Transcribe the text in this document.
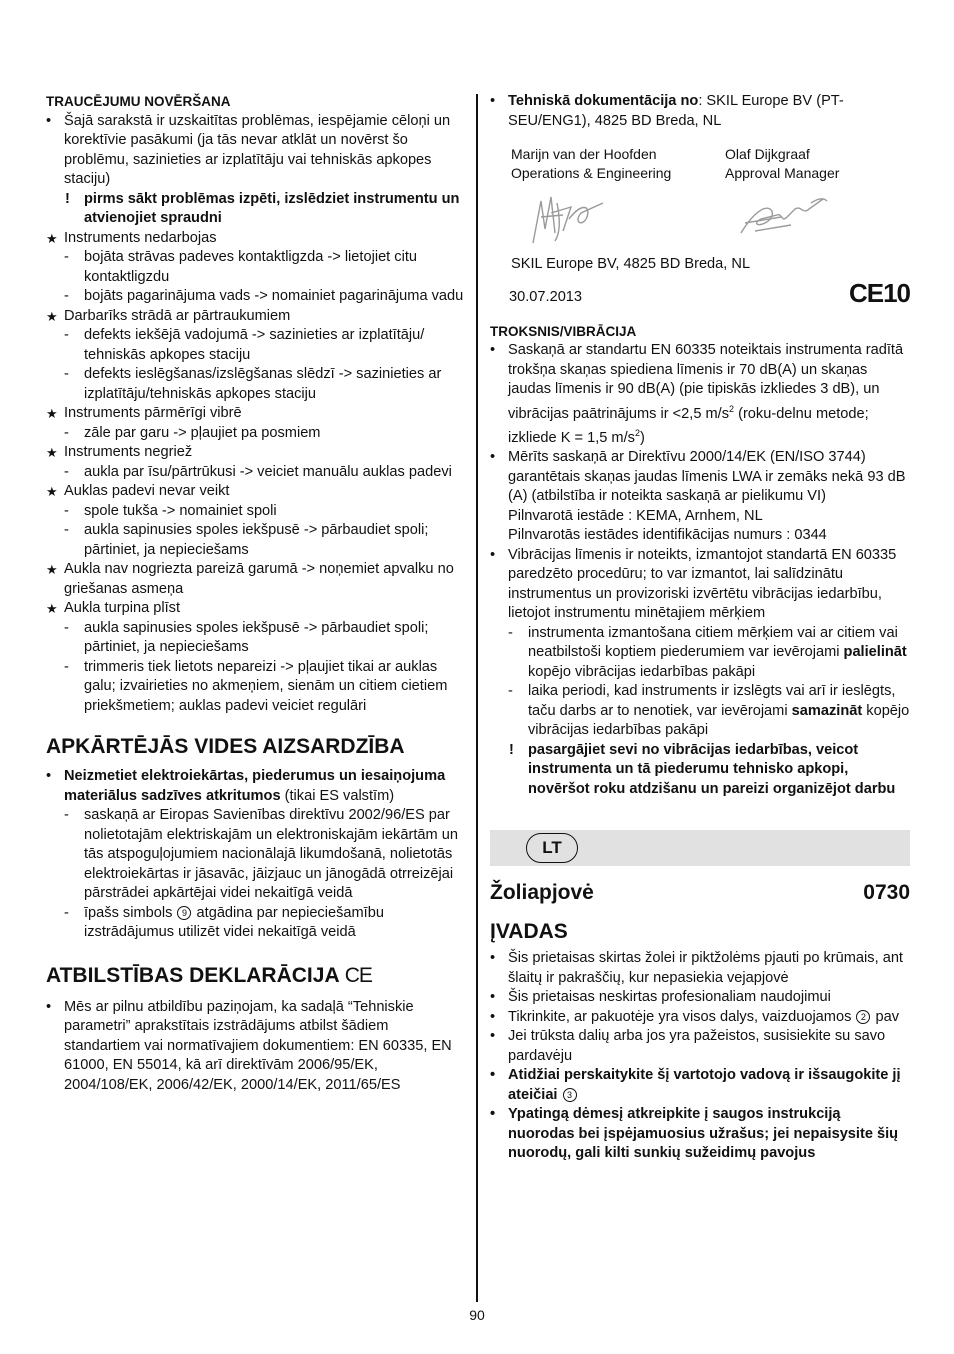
TRAUCĒJUMU NOVĒRŠANA

• Šajā sarakstā ir uzskaitītas problēmas, iespējamie cēloņi un korektīvie pasākumi (ja tās nevar atklāt un novērst šo problēmu, sazinieties ar izplatītāju vai tehniskās apkopes staciju)
! pirms sākt problēmas izpēti, izslēdziet instrumentu un atvienojiet spraudni
★ Instruments nedarbojas
- bojāta strāvas padeves kontaktligzda -> lietojiet citu kontaktligzdu
- bojāts pagarinājuma vads -> nomainiet pagarinājuma vadu
★ Darbarīks strādā ar pārtraukumiem
- defekts iekšējā vadojumā -> sazinieties ar izplatītāju/ tehniskās apkopes staciju
- defekts ieslēgšanas/izslēgšanas slēdzī -> sazinieties ar izplatītāju/tehniskās apkopes staciju
★ Instruments pārmērīgi vibrē
- zāle par garu -> pļaujiet pa posmiem
★ Instruments negriež
- aukla par īsu/pārtrūkusi -> veiciet manuālu auklas padevi
★ Auklas padevi nevar veikt
- spole tukša -> nomainiet spoli
- aukla sapinusies spoles iekšpusē -> pārbaudiet spoli; pārtiniet, ja nepieciešams
★ Aukla nav nogriezta pareizā garumā -> noņemiet apvalku no griešanas asmeņa
★ Aukla turpina plīst
- aukla sapinusies spoles iekšpusē -> pārbaudiet spoli; pārtiniet, ja nepieciešams
- trimmeris tiek lietots nepareizi -> pļaujiet tikai ar auklas galu; izvairieties no akmeņiem, sienām un citiem cietiem priekšmetiem; auklas padevi veiciet regulāri
APKĀRTĒJĀS VIDES AIZSARDZĪBA
• Neizmetiet elektroiekārtas, piederumus un iesaiņojuma materiālus sadzīves atkritumos (tikai ES valstīm)
- saskaņā ar Eiropas Savienības direktīvu 2002/96/ES par nolietotajām elektriskajām un elektroniskajām iekārtām un tās atspoguļojumiem nacionālajā likumdošanā, nolietotās elektroiekārtas ir jāsavāc, jāizjauc un jānogādā otrreizējai pārstrādei apkārtējai videi nekaitīgā veidā
- īpašs simbols 9 atgādina par nepieciešamību izstrādājumus utilizēt videi nekaitīgā veidā
ATBILSTĪBAS DEKLARĀCIJA CE
• Mēs ar pilnu atbildību paziņojam, ka sadaļā “Tehniskie parametri” aprakstītais izstrādājums atbilst šādiem standartiem vai normatīvajiem dokumentiem: EN 60335, EN 61000, EN 55014, kā arī direktīvām 2006/95/EK, 2004/108/EK, 2006/42/EK, 2000/14/EK, 2011/65/ES
• Tehniskā dokumentācija no: SKIL Europe BV (PT-SEU/ENG1), 4825 BD Breda, NL
Marijn van der Hoofden
Operations & Engineering
Olaf Dijkgraaf
Approval Manager
SKIL Europe BV, 4825 BD Breda, NL
30.07.2013	CE10

TROKSNIS/VIBRĀCIJA

• Saskaņā ar standartu EN 60335 noteiktais instrumenta radītā trokšņa skaņas spiediena līmenis ir 70 dB(A) un skaņas jaudas līmenis ir 90 dB(A) (pie tipiskās izkliedes 3 dB), un vibrācijas paātrinājums ir <2,5 $m/s^2$ (roku-delnu metode; izkliede K = 1,5 $m/s^2$)
• Mērīts saskaņā ar Direktīvu 2000/14/EK (EN/ISO 3744) garantētais skaņas jaudas līmenis LWA ir zemāks nekā 93 dB (A) (atbilstība ir noteikta saskaņā ar pielikumu VI)
Pilnvarotā iestāde : KEMA, Arnhem, NL
Pilnvarotās iestādes identifikācijas numurs : 0344
• Vibrācijas līmenis ir noteikts, izmantojot standartā EN 60335 paredzēto procedūru; to var izmantot, lai salīdzinātu instrumentus un provizoriski izvērtētu vibrācijas iedarbību, lietojot instrumentu minētajiem mērķiem
- instrumenta izmantošana citiem mērķiem vai ar citiem vai neatbilstoši koptiem piederumiem var ievērojami palielināt kopējo vibrācijas iedarbības pakāpi
- laika periodi, kad instruments ir izslēgts vai arī ir ieslēgts, taču darbs ar to nenotiek, var ievērojami samazināt kopējo vibrācijas iedarbības pakāpi
! pasargājiet sevi no vibrācijas iedarbības, veicot instrumenta un tā piederumu tehnisko apkopi, novēršot roku atdzišanu un pareizi organizējot darbu
LT
Žoliapjovė	0730
ĮVADAS
• Šis prietaisas skirtas žolei ir piktžolėms pjauti po krūmais, ant šlaitų ir pakraščių, kur nepasiekia vejapjovė
• Šis prietaisas neskirtas profesionaliam naudojimui
• Tikrinkite, ar pakuotėje yra visos dalys, vaizduojamos 2 pav
• Jei trūksta dalių arba jos yra pažeistos, susisiekite su savo pardavėju
• Atidžiai perskaitykite šį vartotojo vadovą ir išsaugokite jį ateičiai 3
• Ypatingą dėmesį atkreipkite į saugos instrukciją nuorodas bei įspėjamuosius užrašus; jei nepaisysite šių nuorodų, gali kilti sunkių sužeidimų pavojus
90
